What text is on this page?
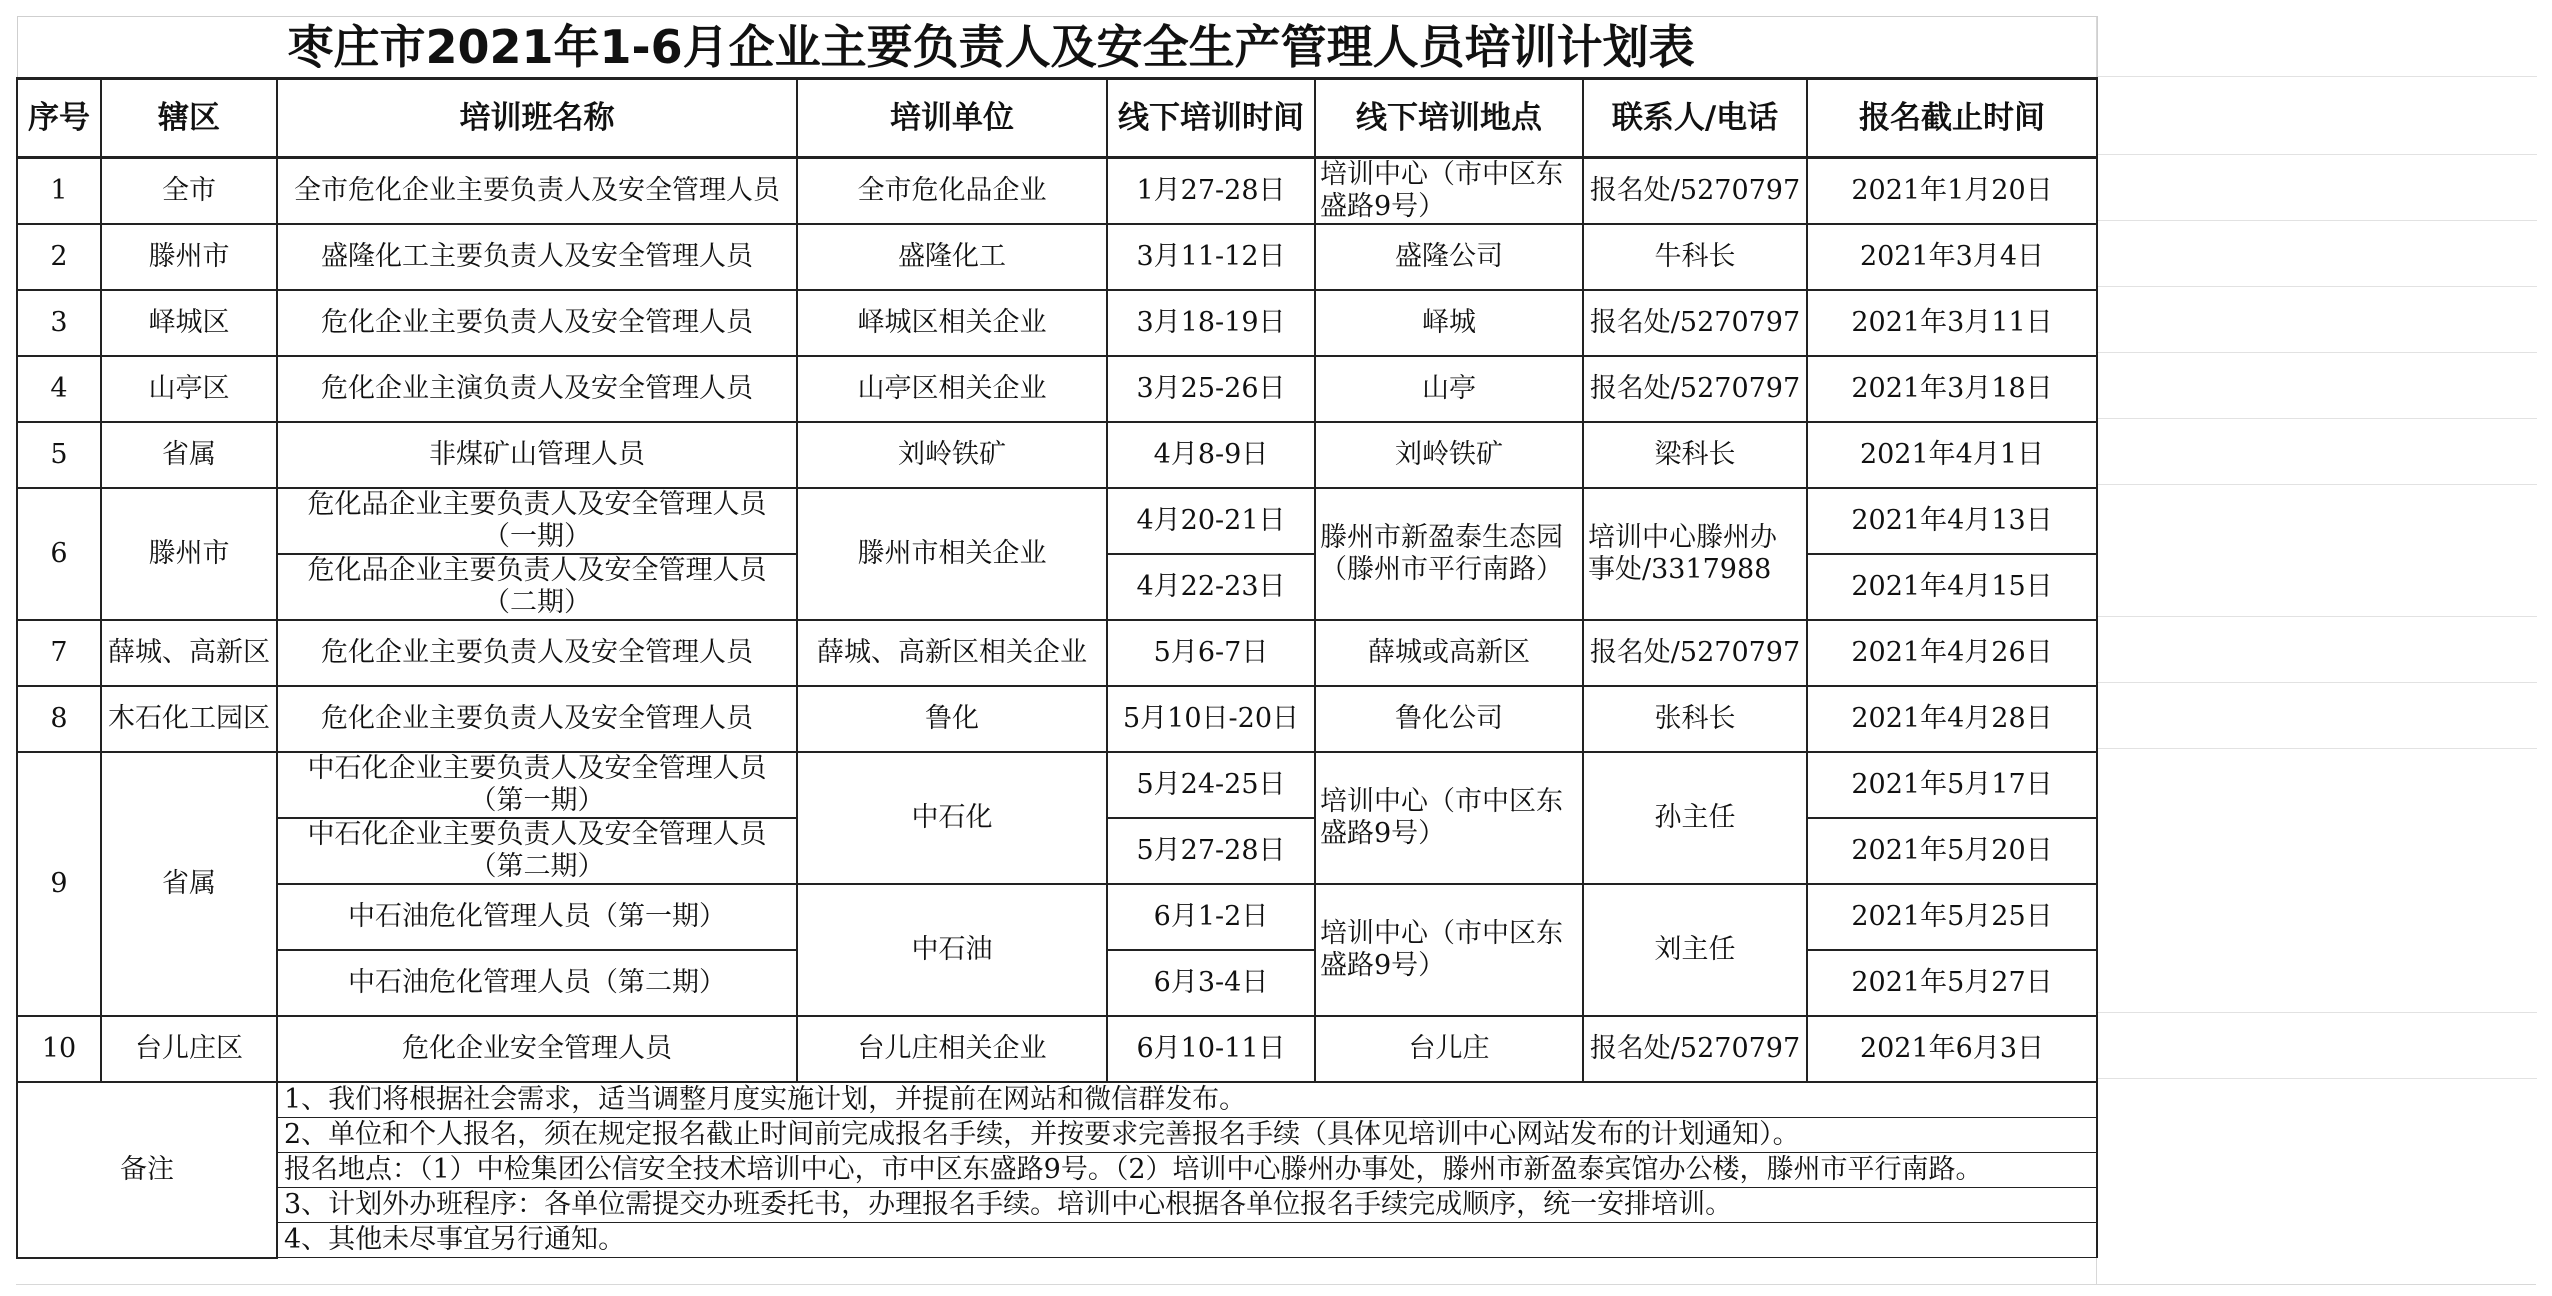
枣庄市2021年1-6月企业主要负责人及安全生产管理人员培训计划表							
序号	辖区	培训班名称	培训单位	线下培训时间	线下培训地点	联系人/电话	报名截止时间
1	全市	全市危化企业主要负责人及安全管理人员	全市危化品企业	1月27-28日	培训中心（市中区东盛路9号）	报名处/5270797	2021年1月20日
2	滕州市	盛隆化工主要负责人及安全管理人员	盛隆化工	3月11-12日	盛隆公司	牛科长	2021年3月4日
3	峄城区	危化企业主要负责人及安全管理人员	峄城区相关企业	3月18-19日	峄城	报名处/5270797	2021年3月11日
4	山亭区	危化企业主演负责人及安全管理人员	山亭区相关企业	3月25-26日	山亭	报名处/5270797	2021年3月18日
5	省属	非煤矿山管理人员	刘岭铁矿	4月8-9日	刘岭铁矿	梁科长	2021年4月1日
6	滕州市	危化品企业主要负责人及安全管理人员（一期）	滕州市相关企业	4月20-21日	滕州市新盈泰生态园（滕州市平行南路）	培训中心滕州办事处/3317988	2021年4月13日
		危化品企业主要负责人及安全管理人员（二期）		4月22-23日			2021年4月15日
7	薛城、高新区	危化企业主要负责人及安全管理人员	薛城、高新区相关企业	5月6-7日	薛城或高新区	报名处/5270797	2021年4月26日
8	木石化工园区	危化企业主要负责人及安全管理人员	鲁化	5月10日-20日	鲁化公司	张科长	2021年4月28日
9	省属	中石化企业主要负责人及安全管理人员（第一期）	中石化	5月24-25日	培训中心（市中区东盛路9号）	孙主任	2021年5月17日
		中石化企业主要负责人及安全管理人员（第二期）		5月27-28日			2021年5月20日
		中石油危化管理人员（第一期）	中石油	6月1-2日	培训中心（市中区东盛路9号）	刘主任	2021年5月25日
		中石油危化管理人员（第二期）		6月3-4日			2021年5月27日
10	台儿庄区	危化企业安全管理人员	台儿庄相关企业	6月10-11日	台儿庄	报名处/5270797	2021年6月3日
备注		1、我们将根据社会需求，适当调整月度实施计划，并提前在网站和微信群发布。					
		2、单位和个人报名，须在规定报名截止时间前完成报名手续，并按要求完善报名手续（具体见培训中心网站发布的计划通知）。					
		报名地点：（1）中检集团公信安全技术培训中心，市中区东盛路9号。（2）培训中心滕州办事处，滕州市新盈泰宾馆办公楼，滕州市平行南路。					
		3、计划外办班程序：各单位需提交办班委托书，办理报名手续。培训中心根据各单位报名手续完成顺序，统一安排培训。					
		4、其他未尽事宜另行通知。					
